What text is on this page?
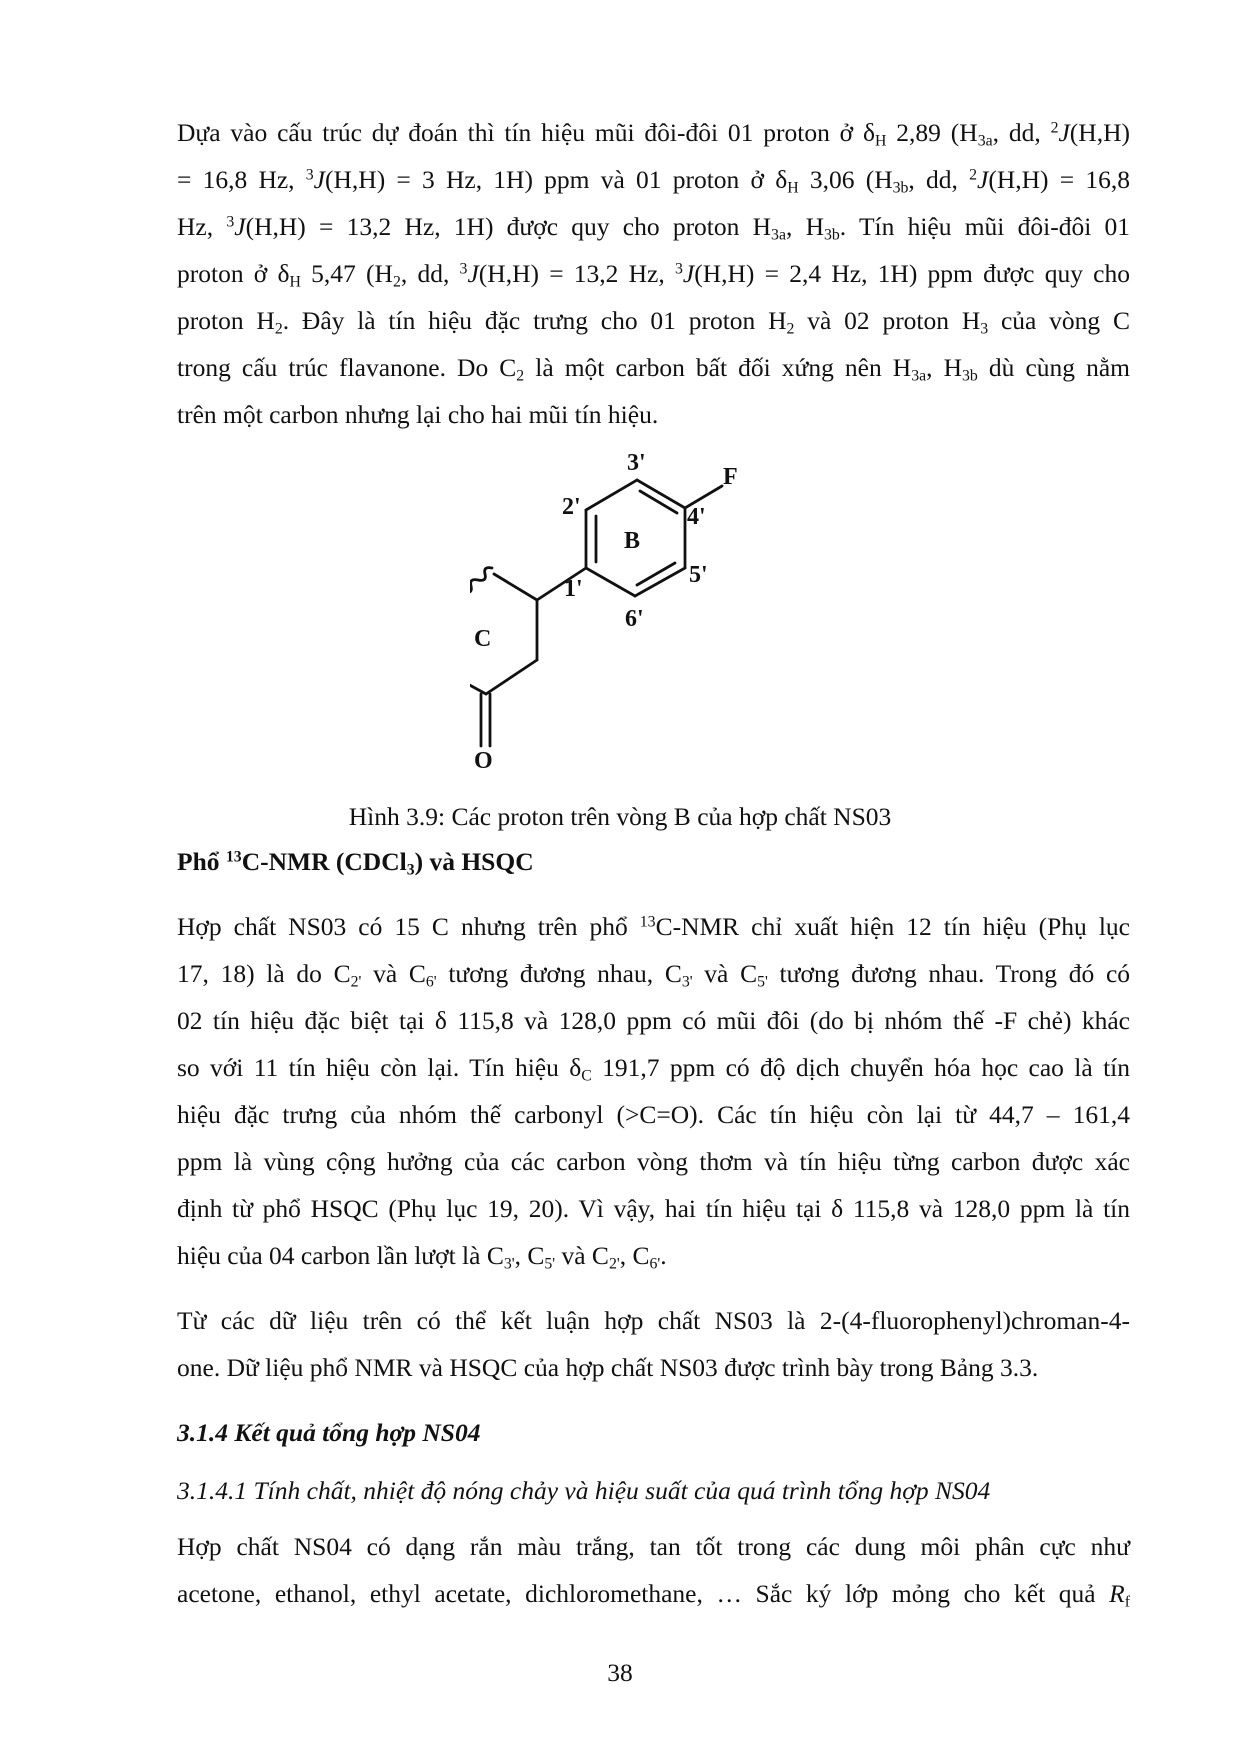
Dựa vào cấu trúc dự đoán thì tín hiệu mũi đôi-đôi 01 proton ở $\delta_H$ 2,89 ($H_{3a}$, dd, $^2$J(H,H)
= 16,8 Hz, $^3$J(H,H) = 3 Hz, 1H) ppm và 01 proton ở $\delta_H$ 3,06 ($H_{3b}$, dd, $^2$J(H,H) = 16,8
Hz, $^3$J(H,H) = 13,2 Hz, 1H) được quy cho proton $H_{3a}$, $H_{3b}$. Tín hiệu mũi đôi-đôi 01
proton ở $\delta_H$ 5,47 ($H_2$, dd, $^3$J(H,H) = 13,2 Hz, $^3$J(H,H) = 2,4 Hz, 1H) ppm được quy cho
proton $H_2$. Đây là tín hiệu đặc trưng cho 01 proton $H_2$ và 02 proton $H_3$ của vòng C
trong cấu trúc flavanone. Do $C_2$ là một carbon bất đối xứng nên $H_{3a}$, $H_{3b}$ dù cùng nằm
trên một carbon nhưng lại cho hai mũi tín hiệu.
3'
F
2'	4'
B
5'
1'
6'
C
O
Hình 3.9: Các proton trên vòng B của hợp chất NS03
Phổ $^{13}$C-NMR (CDCl$_3$) và HSQC
Hợp chất NS03 có 15 C nhưng trên phổ $^{13}$C-NMR chỉ xuất hiện 12 tín hiệu (Phụ lục
17, 18) là do $C_{2'}$ và $C_{6'}$ tương đương nhau, $C_{3'}$ và $C_{5'}$ tương đương nhau. Trong đó có
02 tín hiệu đặc biệt tại δ 115,8 và 128,0 ppm có mũi đôi (do bị nhóm thế -F chẻ) khác
so với 11 tín hiệu còn lại. Tín hiệu $\delta_C$ 191,7 ppm có độ dịch chuyển hóa học cao là tín
hiệu đặc trưng của nhóm thế carbonyl (>C=O). Các tín hiệu còn lại từ 44,7 – 161,4
ppm là vùng cộng hưởng của các carbon vòng thơm và tín hiệu từng carbon được xác
định từ phổ HSQC (Phụ lục 19, 20). Vì vậy, hai tín hiệu tại δ 115,8 và 128,0 ppm là tín
hiệu của 04 carbon lần lượt là $C_{3'}$, $C_{5'}$ và $C_{2'}$, $C_{6'}$.
Từ các dữ liệu trên có thể kết luận hợp chất NS03 là 2-(4-fluorophenyl)chroman-4-
one. Dữ liệu phổ NMR và HSQC của hợp chất NS03 được trình bày trong Bảng 3.3.
3.1.4 Kết quả tổng hợp NS04
3.1.4.1 Tính chất, nhiệt độ nóng chảy và hiệu suất của quá trình tổng hợp NS04
Hợp chất NS04 có dạng rắn màu trắng, tan tốt trong các dung môi phân cực như
acetone, ethanol, ethyl acetate, dichloromethane, … Sắc ký lớp mỏng cho kết quả $R_f$
38
